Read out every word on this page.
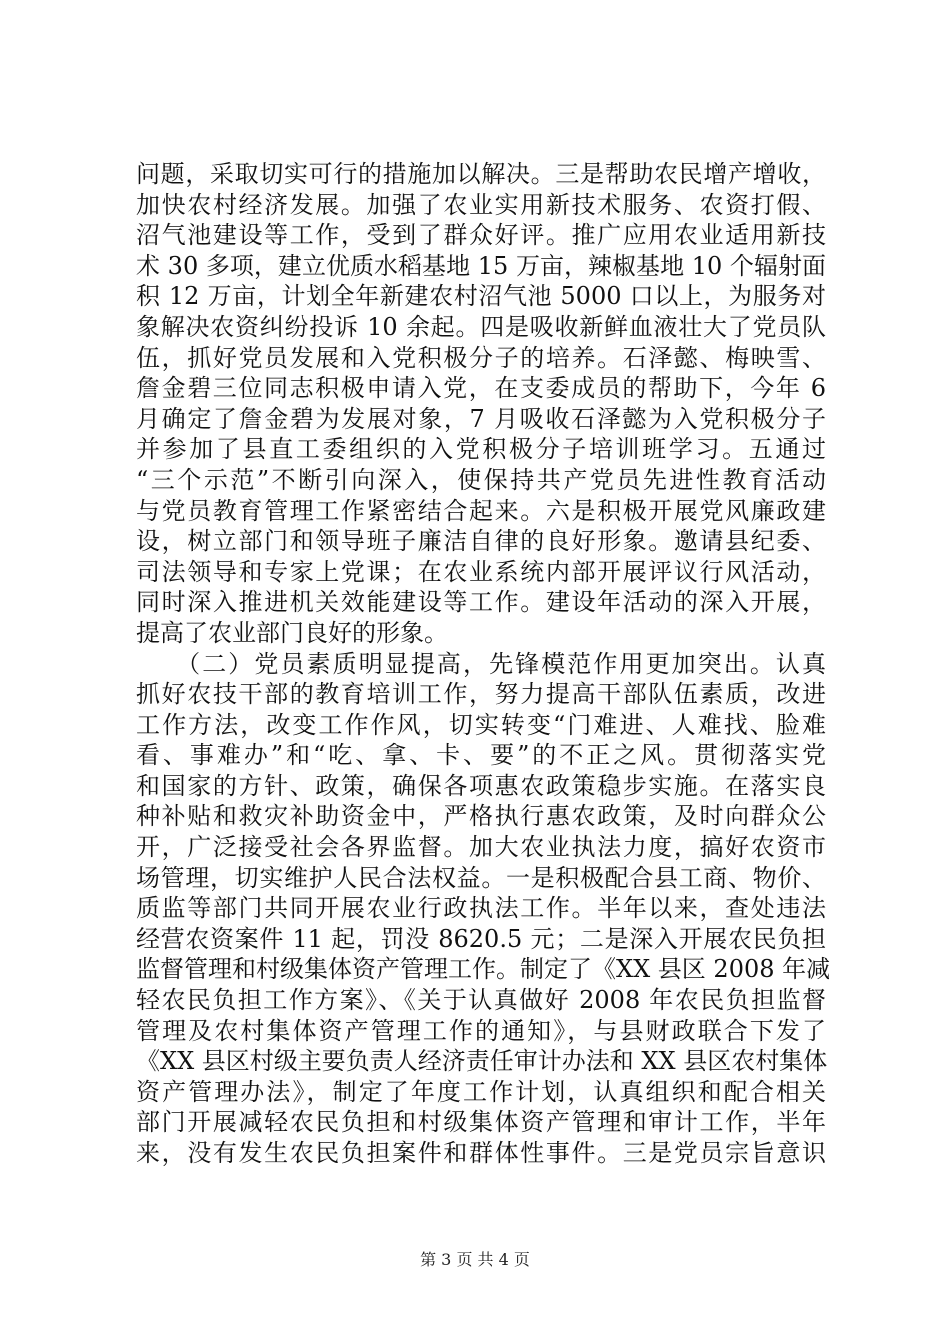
问题，采取切实可行的措施加以解决。三是帮助农民增产增收，
加快农村经济发展。加强了农业实用新技术服务、农资打假、
沼气池建设等工作，受到了群众好评。推广应用农业适用新技
术 30 多项，建立优质水稻基地 15 万亩，辣椒基地 10 个辐射面
积 12 万亩，计划全年新建农村沼气池 5000 口以上，为服务对
象解决农资纠纷投诉 10 余起。四是吸收新鲜血液壮大了党员队
伍，抓好党员发展和入党积极分子的培养。石泽懿、梅映雪、
詹金碧三位同志积极申请入党，在支委成员的帮助下，今年 6
月确定了詹金碧为发展对象，7 月吸收石泽懿为入党积极分子
并参加了县直工委组织的入党积极分子培训班学习。五通过
“三个示范”不断引向深入，使保持共产党员先进性教育活动
与党员教育管理工作紧密结合起来。六是积极开展党风廉政建
设，树立部门和领导班子廉洁自律的良好形象。邀请县纪委、
司法领导和专家上党课；在农业系统内部开展评议行风活动，
同时深入推进机关效能建设等工作。建设年活动的深入开展，
提高了农业部门良好的形象。
　　（二）党员素质明显提高，先锋模范作用更加突出。认真
抓好农技干部的教育培训工作，努力提高干部队伍素质，改进
工作方法，改变工作作风，切实转变“门难进、人难找、脸难
看、事难办”和“吃、拿、卡、要”的不正之风。贯彻落实党
和国家的方针、政策，确保各项惠农政策稳步实施。在落实良
种补贴和救灾补助资金中，严格执行惠农政策，及时向群众公
开，广泛接受社会各界监督。加大农业执法力度，搞好农资市
场管理，切实维护人民合法权益。一是积极配合县工商、物价、
质监等部门共同开展农业行政执法工作。半年以来，查处违法
经营农资案件 11 起，罚没 8620.5 元；二是深入开展农民负担
监督管理和村级集体资产管理工作。制定了《XX 县区 2008 年减
轻农民负担工作方案》、《关于认真做好 2008 年农民负担监督
管理及农村集体资产管理工作的通知》，与县财政联合下发了
《XX 县区村级主要负责人经济责任审计办法和 XX 县区农村集体
资产管理办法》，制定了年度工作计划，认真组织和配合相关
部门开展减轻农民负担和村级集体资产管理和审计工作，半年
来，没有发生农民负担案件和群体性事件。三是党员宗旨意识
第 3 页 共 4 页
